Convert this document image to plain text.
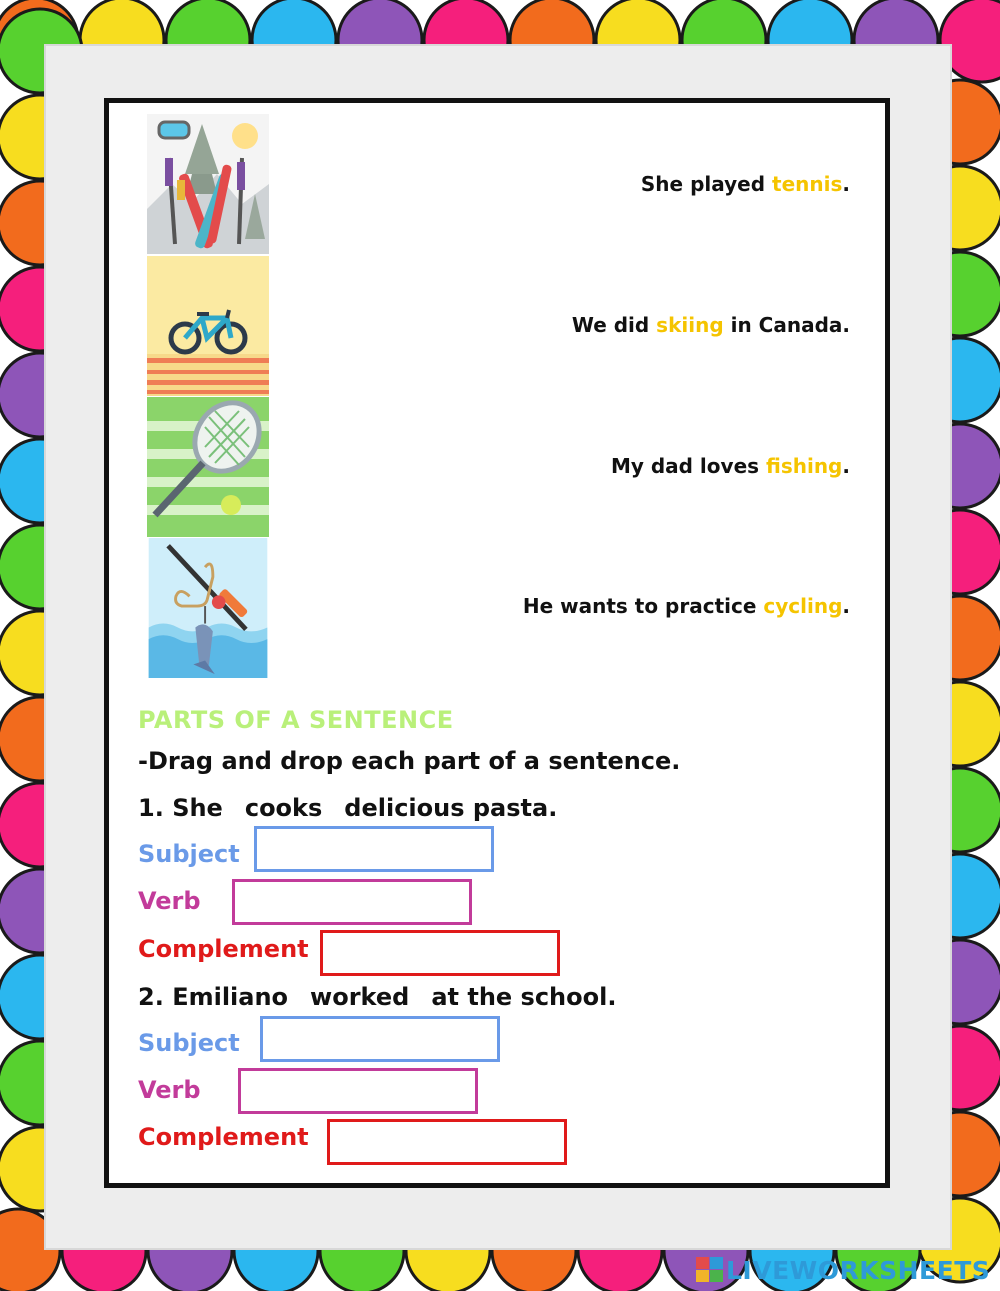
She played tennis.
We did skiing in Canada.
My dad loves fishing.
He wants to practice cycling.
PARTS OF A SENTENCE
-Drag and drop each part of a sentence.
1. She cooks delicious pasta.
Subject
Verb
Complement
2. Emiliano worked at the school.
Subject
Verb
Complement
LIVEWORKSHEETS
